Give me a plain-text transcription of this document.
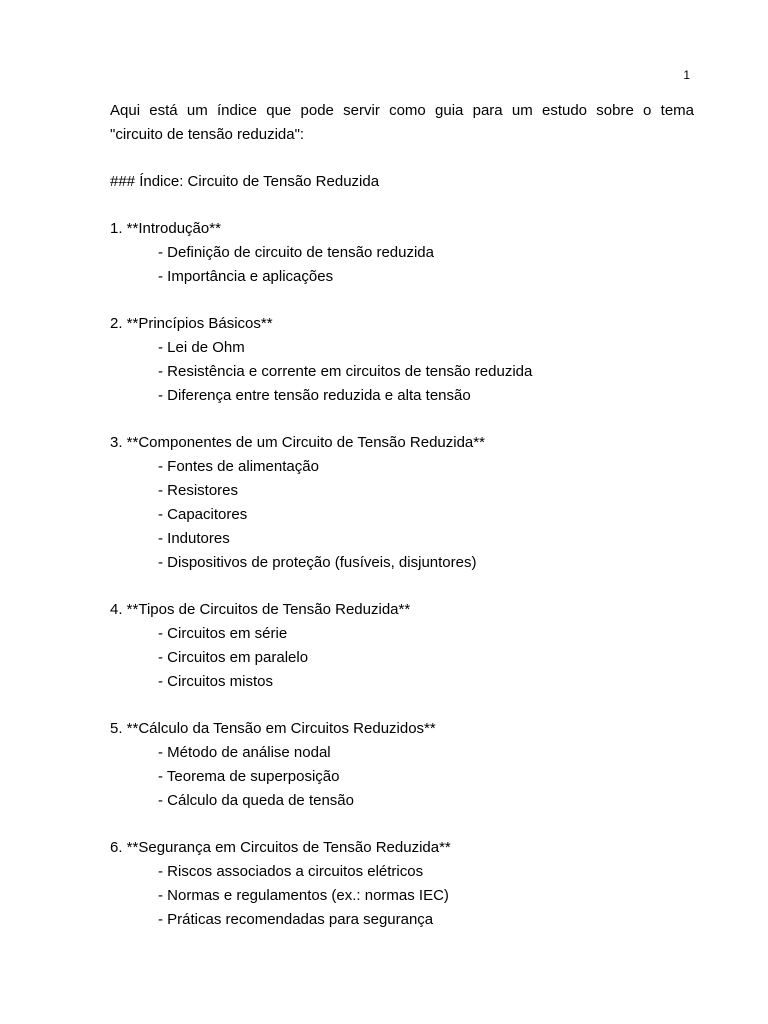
1

Aqui está um índice que pode servir como guia para um estudo sobre o tema
"circuito de tensão reduzida":

### Índice: Circuito de Tensão Reduzida

1. **Introdução**

- Definição de circuito de tensão reduzida
- Importância e aplicações

2. **Princípios Básicos**

- Lei de Ohm
- Resistência e corrente em circuitos de tensão reduzida
- Diferença entre tensão reduzida e alta tensão

3. **Componentes de um Circuito de Tensão Reduzida**

- Fontes de alimentação
- Resistores
- Capacitores
- Indutores
- Dispositivos de proteção (fusíveis, disjuntores)

4. **Tipos de Circuitos de Tensão Reduzida**

- Circuitos em série
- Circuitos em paralelo
- Circuitos mistos

5. **Cálculo da Tensão em Circuitos Reduzidos**

- Método de análise nodal
- Teorema de superposição
- Cálculo da queda de tensão

6. **Segurança em Circuitos de Tensão Reduzida**

- Riscos associados a circuitos elétricos
- Normas e regulamentos (ex.: normas IEC)
- Práticas recomendadas para segurança
